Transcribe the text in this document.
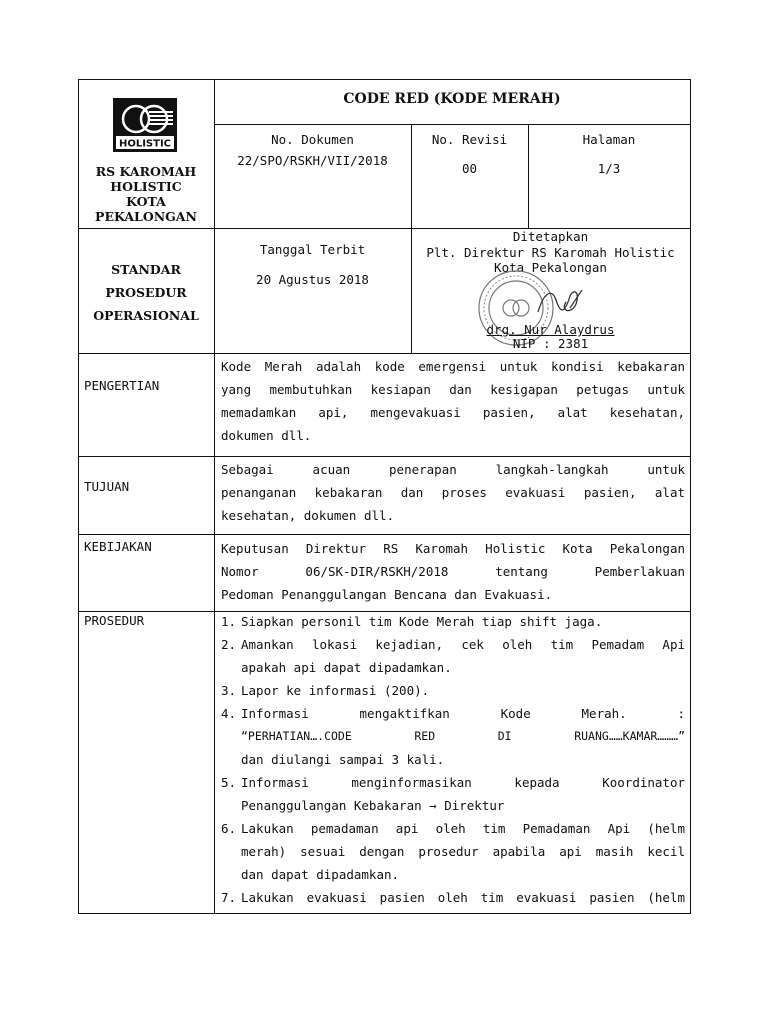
HOLISTIC
RS KAROMAH
HOLISTIC
KOTA
PEKALONGAN
CODE RED (KODE MERAH)
No. Dokumen
22/SPO/RSKH/VII/2018
No. Revisi
00
Halaman
1/3
STANDAR
PROSEDUR
OPERASIONAL
Tanggal Terbit
20 Agustus 2018
Ditetapkan
Plt. Direktur RS Karomah Holistic
Kota Pekalongan
drg. Nur Alaydrus
NIP : 2381
PENGERTIAN
Kode Merah adalah kode emergensi untuk kondisi kebakaran
yang membutuhkan kesiapan dan kesigapan petugas untuk
memadamkan api, mengevakuasi pasien, alat kesehatan,
dokumen dll.
TUJUAN
Sebagai acuan penerapan langkah-langkah untuk
penanganan kebakaran dan proses evakuasi pasien, alat
kesehatan, dokumen dll.
KEBIJAKAN	Keputusan Direktur RS Karomah Holistic Kota Pekalongan
Nomor 06/SK-DIR/RSKH/2018 tentang Pemberlakuan
Pedoman Penanggulangan Bencana dan Evakuasi.
PROSEDUR	1. Siapkan personil tim Kode Merah tiap shift jaga.
2. Amankan lokasi kejadian, cek oleh tim Pemadam Api
apakah api dapat dipadamkan.
3. Lapor ke informasi (200).
4. Informasi mengaktifkan Kode Merah. :
“PERHATIAN….CODE RED DI RUANG……KAMAR………”
dan diulangi sampai 3 kali.
5. Informasi menginformasikan kepada Koordinator
Penanggulangan Kebakaran → Direktur
6. Lakukan pemadaman api oleh tim Pemadaman Api (helm
merah) sesuai dengan prosedur apabila api masih kecil
dan dapat dipadamkan.
7. Lakukan evakuasi pasien oleh tim evakuasi pasien (helm
